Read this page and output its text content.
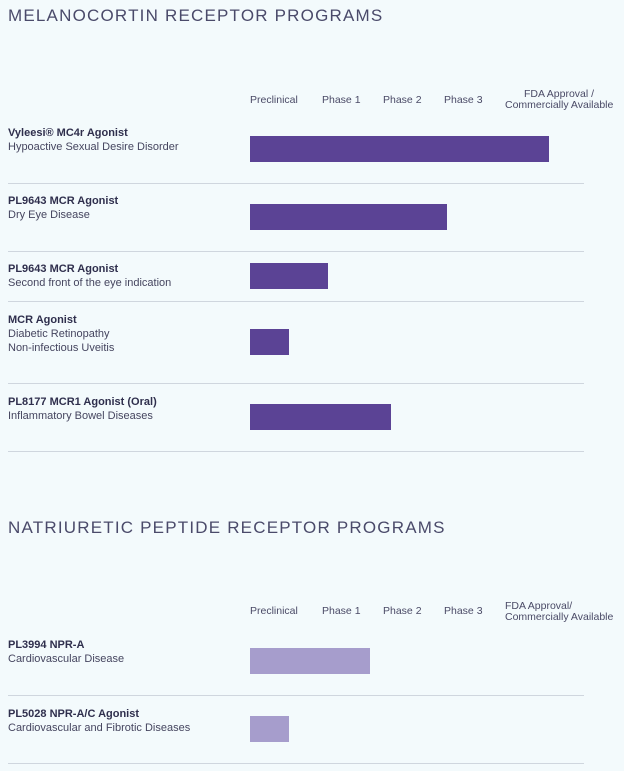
MELANOCORTIN RECEPTOR PROGRAMS
Preclinical Phase 1 Phase 2 Phase 3	FDA Approval /
Commercially Available
Vyleesi® MC4r Agonist
Hypoactive Sexual Desire Disorder
PL9643 MCR Agonist
Dry Eye Disease
PL9643 MCR Agonist
Second front of the eye indication
MCR Agonist
Diabetic Retinopathy
Non-infectious Uveitis
PL8177 MCR1 Agonist (Oral)
Inflammatory Bowel Diseases
NATRIURETIC PEPTIDE RECEPTOR PROGRAMS
Preclinical Phase 1 Phase 2 Phase 3 FDA Approval/
Commercially Available
PL3994 NPR-A
Cardiovascular Disease
PL5028 NPR-A/C Agonist
Cardiovascular and Fibrotic Diseases
